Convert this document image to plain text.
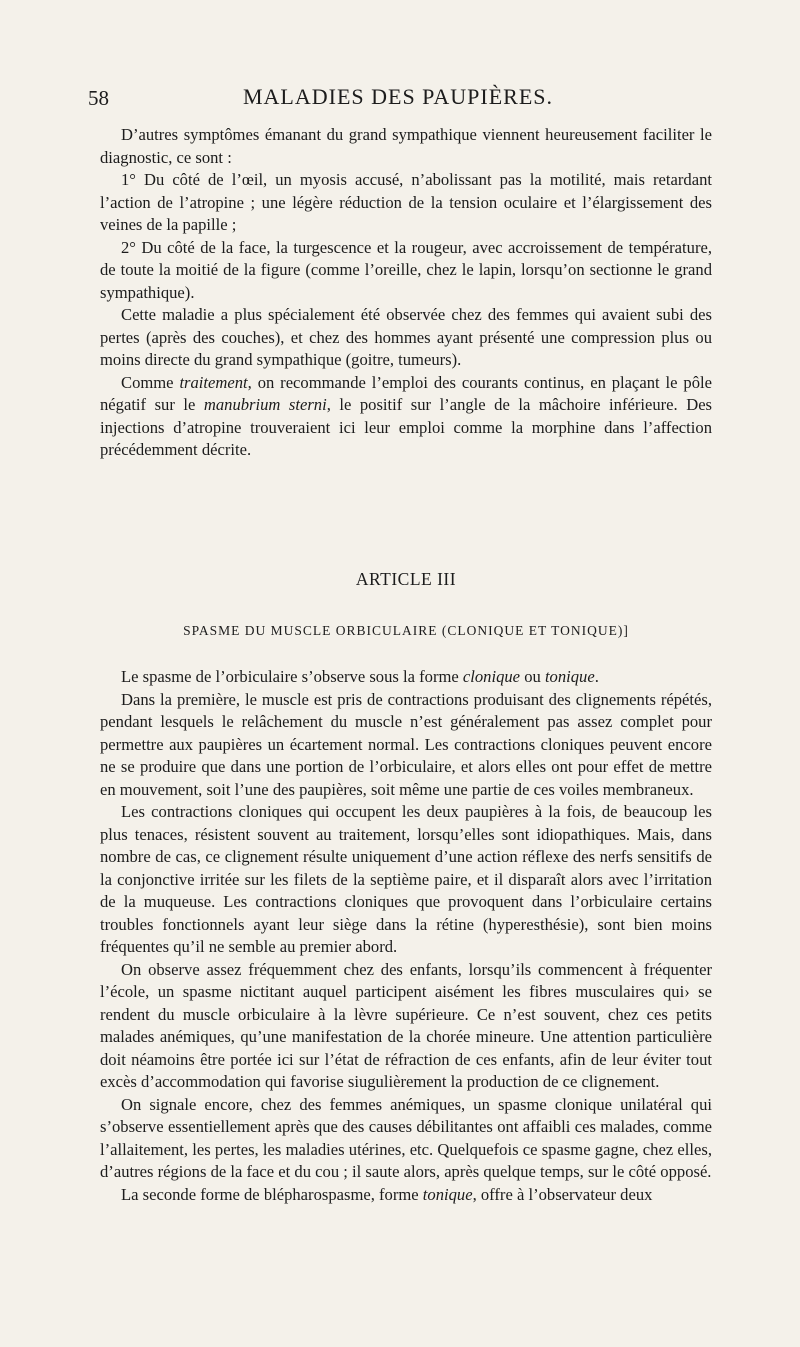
58	MALADIES DES PAUPIÈRES.

D’autres symptômes émanant du grand sympathique viennent heureusement faciliter le diagnostic, ce sont :

1° Du côté de l’œil, un myosis accusé, n’abolissant pas la motilité, mais retardant l’action de l’atropine ; une légère réduction de la tension oculaire et l’élargissement des veines de la papille ;

2° Du côté de la face, la turgescence et la rougeur, avec accroissement de température, de toute la moitié de la figure (comme l’oreille, chez le lapin, lorsqu’on sectionne le grand sympathique).

Cette maladie a plus spécialement été observée chez des femmes qui avaient subi des pertes (après des couches), et chez des hommes ayant présenté une compression plus ou moins directe du grand sympathique (goitre, tumeurs).

Comme traitement, on recommande l’emploi des courants continus, en plaçant le pôle négatif sur le manubrium sterni, le positif sur l’angle de la mâchoire inférieure. Des injections d’atropine trouveraient ici leur emploi comme la morphine dans l’affection précédemment décrite.

ARTICLE III
SPASME DU MUSCLE ORBICULAIRE (CLONIQUE ET TONIQUE)]

Le spasme de l’orbiculaire s’observe sous la forme clonique ou tonique.

Dans la première, le muscle est pris de contractions produisant des clignements répétés, pendant lesquels le relâchement du muscle n’est généralement pas assez complet pour permettre aux paupières un écartement normal. Les contractions cloniques peuvent encore ne se produire que dans une portion de l’orbiculaire, et alors elles ont pour effet de mettre en mouvement, soit l’une des paupières, soit même une partie de ces voiles membraneux.

Les contractions cloniques qui occupent les deux paupières à la fois, de beaucoup les plus tenaces, résistent souvent au traitement, lorsqu’elles sont idiopathiques. Mais, dans nombre de cas, ce clignement résulte uniquement d’une action réflexe des nerfs sensitifs de la conjonctive irritée sur les filets de la septième paire, et il disparaît alors avec l’irritation de la muqueuse. Les contractions cloniques que provoquent dans l’orbiculaire certains troubles fonctionnels ayant leur siège dans la rétine (hyperesthésie), sont bien moins fréquentes qu’il ne semble au premier abord.

On observe assez fréquemment chez des enfants, lorsqu’ils commencent à fréquenter l’école, un spasme nictitant auquel participent aisément les fibres musculaires qui› se rendent du muscle orbiculaire à la lèvre supérieure. Ce n’est souvent, chez ces petits malades anémiques, qu’une manifestation de la chorée mineure. Une attention particulière doit néamoins être portée ici sur l’état de réfraction de ces enfants, afin de leur éviter tout excès d’accommodation qui favorise siugulièrement la production de ce clignement.

On signale encore, chez des femmes anémiques, un spasme clonique unilatéral qui s’observe essentiellement après que des causes débilitantes ont affaibli ces malades, comme l’allaitement, les pertes, les maladies utérines, etc. Quelquefois ce spasme gagne, chez elles, d’autres régions de la face et du cou ; il saute alors, après quelque temps, sur le côté opposé.

La seconde forme de blépharospasme, forme tonique, offre à l’observateur deux
